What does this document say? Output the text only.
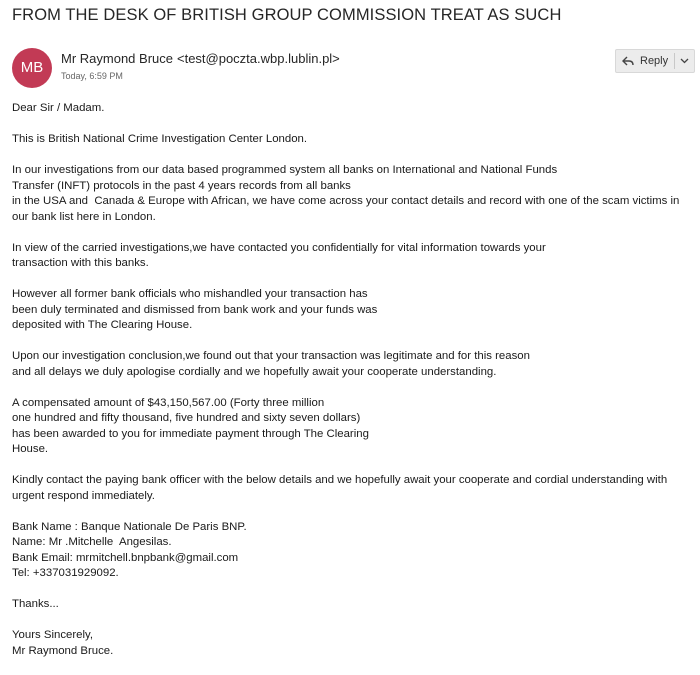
FROM THE DESK OF BRITISH GROUP COMMISSION TREAT AS SUCH
MB
Mr Raymond Bruce <test@poczta.wbp.lublin.pl>
Today, 6:59 PM
Reply

Dear Sir / Madam.

This is British National Crime Investigation Center London.

In our investigations from our data based programmed system all banks on International and National Funds
Transfer (INFT) protocols in the past 4 years records from all banks
in the USA and  Canada & Europe with African, we have come across your contact details and record with one of the scam victims in
our bank list here in London.

In view of the carried investigations,we have contacted you confidentially for vital information towards your
transaction with this banks.

However all former bank officials who mishandled your transaction has
been duly terminated and dismissed from bank work and your funds was
deposited with The Clearing House.

Upon our investigation conclusion,we found out that your transaction was legitimate and for this reason
and all delays we duly apologise cordially and we hopefully await your cooperate understanding.

A compensated amount of $43,150,567.00 (Forty three million
one hundred and fifty thousand, five hundred and sixty seven dollars)
has been awarded to you for immediate payment through The Clearing
House.

Kindly contact the paying bank officer with the below details and we hopefully await your cooperate and cordial understanding with
urgent respond immediately.

Bank Name : Banque Nationale De Paris BNP.
Name: Mr .Mitchelle  Angesilas.
Bank Email: mrmitchell.bnpbank@gmail.com
Tel: +337031929092.

Thanks...

Yours Sincerely,
Mr Raymond Bruce.
